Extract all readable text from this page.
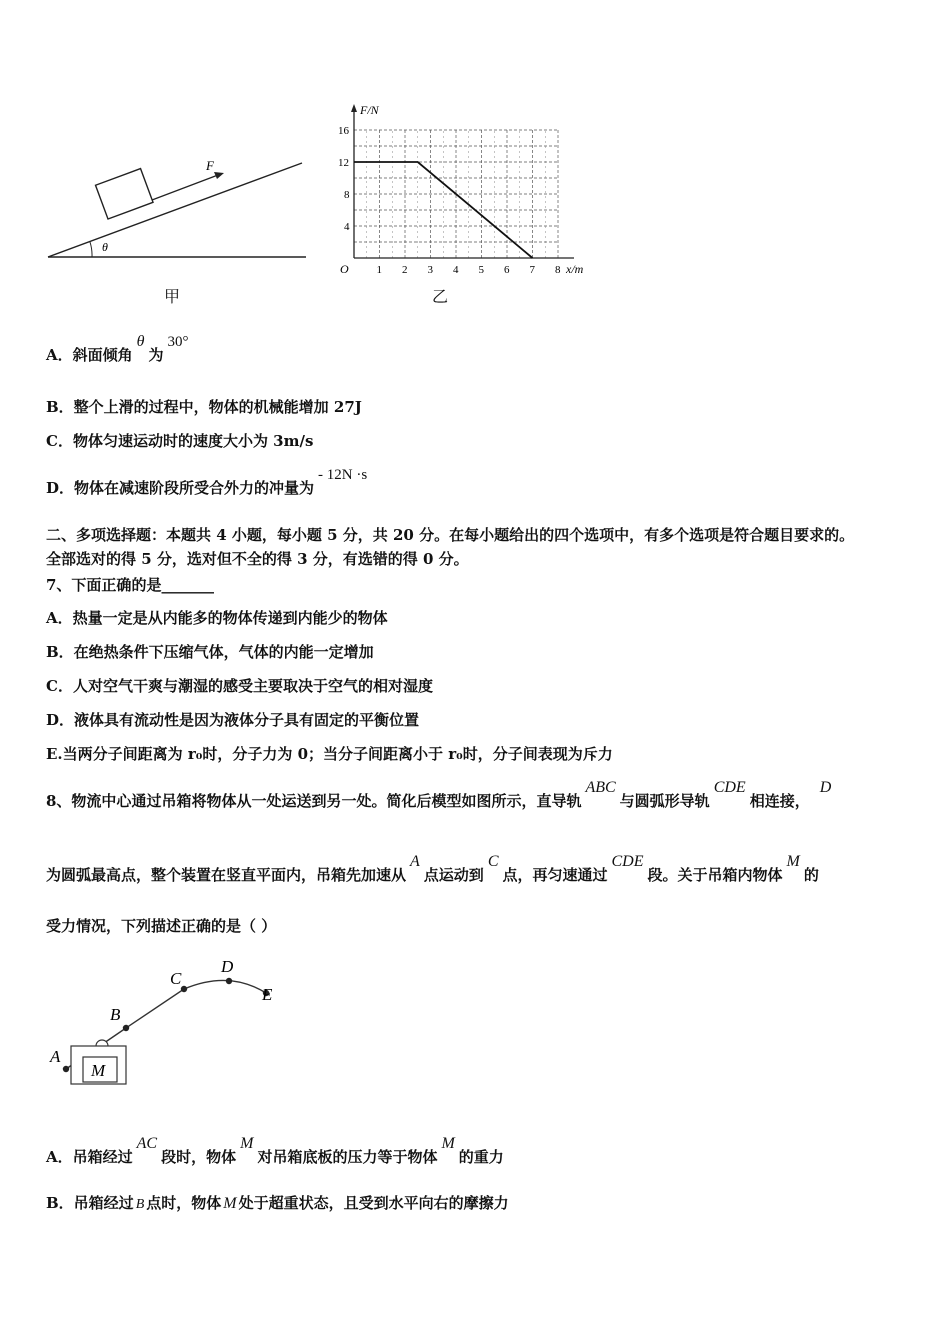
F
θ
甲
1 2 3 4 5 6 7 8
4
8
12
16
O	x/m
F/N
乙
A．斜面倾角θ为30°
B．整个上滑的过程中，物体的机械能增加 27J
C．物体匀速运动时的速度大小为 3m/s
D．物体在减速阶段所受合外力的冲量为- 12N ·s
二、多项选择题：本题共 4 小题，每小题 5 分，共 20 分。在每小题给出的四个选项中，有多个选项是符合题目要求的。
全部选对的得 5 分，选对但不全的得 3 分，有选错的得 0 分。
7、下面正确的是_______
A．热量一定是从内能多的物体传递到内能少的物体
B．在绝热条件下压缩气体，气体的内能一定增加
C．人对空气干爽与潮湿的感受主要取决于空气的相对湿度
D．液体具有流动性是因为液体分子具有固定的平衡位置
E.当两分子间距离为 r₀时，分子力为 0；当分子间距离小于 r₀时，分子间表现为斥力
8、物流中心通过吊箱将物体从一处运送到另一处。简化后模型如图所示，直导轨ABC与圆弧形导轨CDE相连接，D
为圆弧最高点，整个装置在竖直平面内，吊箱先加速从A点运动到C点，再匀速通过CDE段。关于吊箱内物体M的
受力情况，下列描述正确的是（ ）
M
A
B
C
D
E
A．吊箱经过AC段时，物体M对吊箱底板的压力等于物体M的重力
B．吊箱经过 B 点时，物体 M 处于超重状态，且受到水平向右的摩擦力
